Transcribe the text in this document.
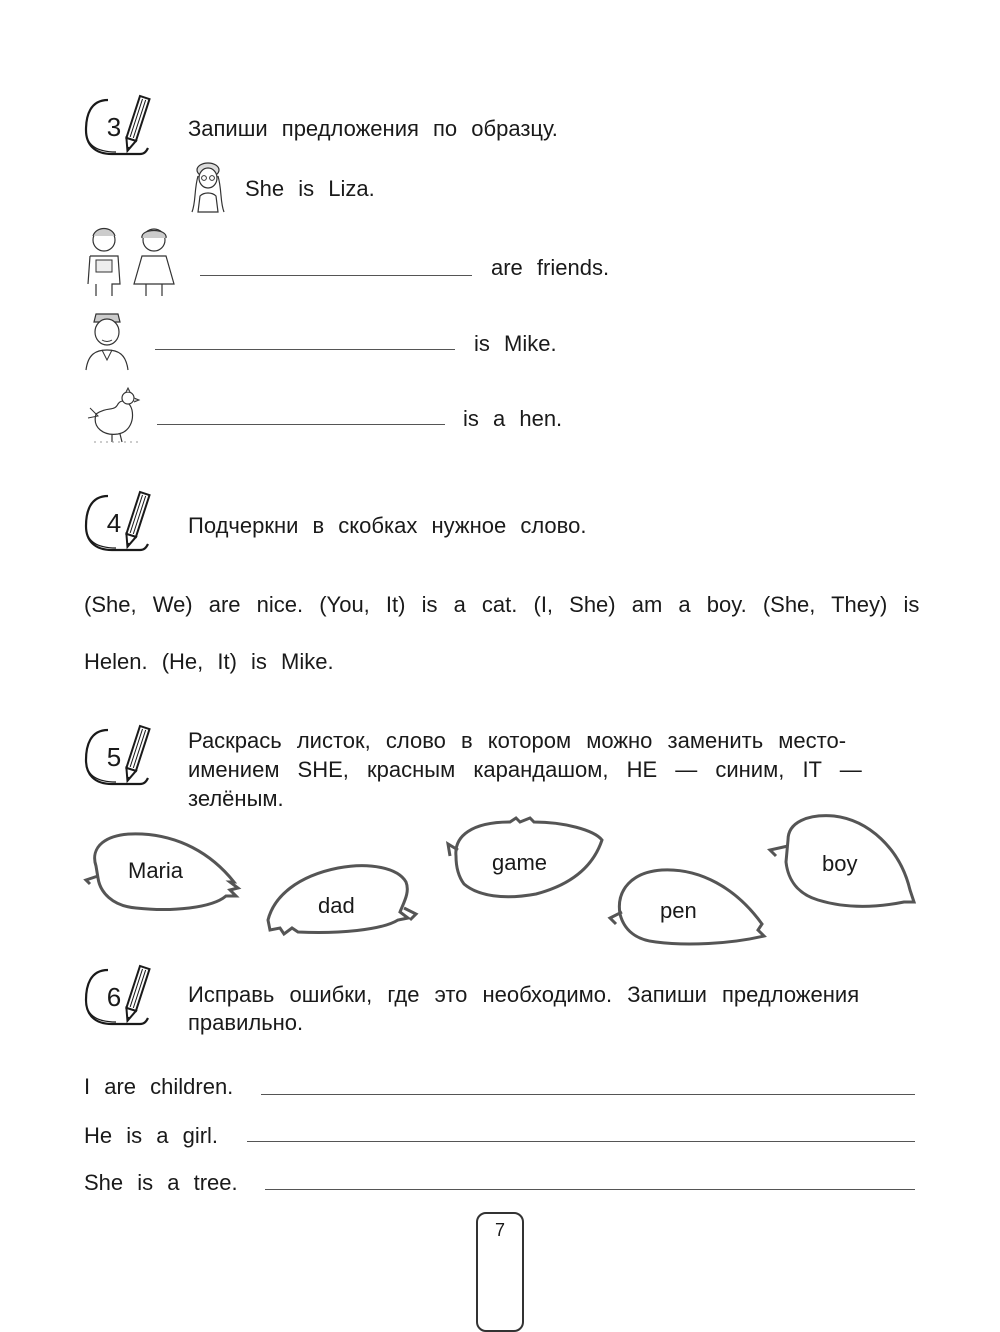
3	Запиши предложения по образцу.
She is Liza.
are friends.
is Mike.
is a hen.
4	Подчеркни в скобках нужное слово.
(She, We) are nice. (You, It) is a cat. (I, She) am a boy. (She, They) is
Helen. (He, It) is Mike.
5
Раскрась листок, слово в котором можно заменить место-
имением SHE, красным карандашом, HE — синим, IT —
зелёным.
Maria
dad
game
pen
boy
6	Исправь ошибки, где это необходимо. Запиши предложения
правильно.
I are children.
He is a girl.
She is a tree.
7
